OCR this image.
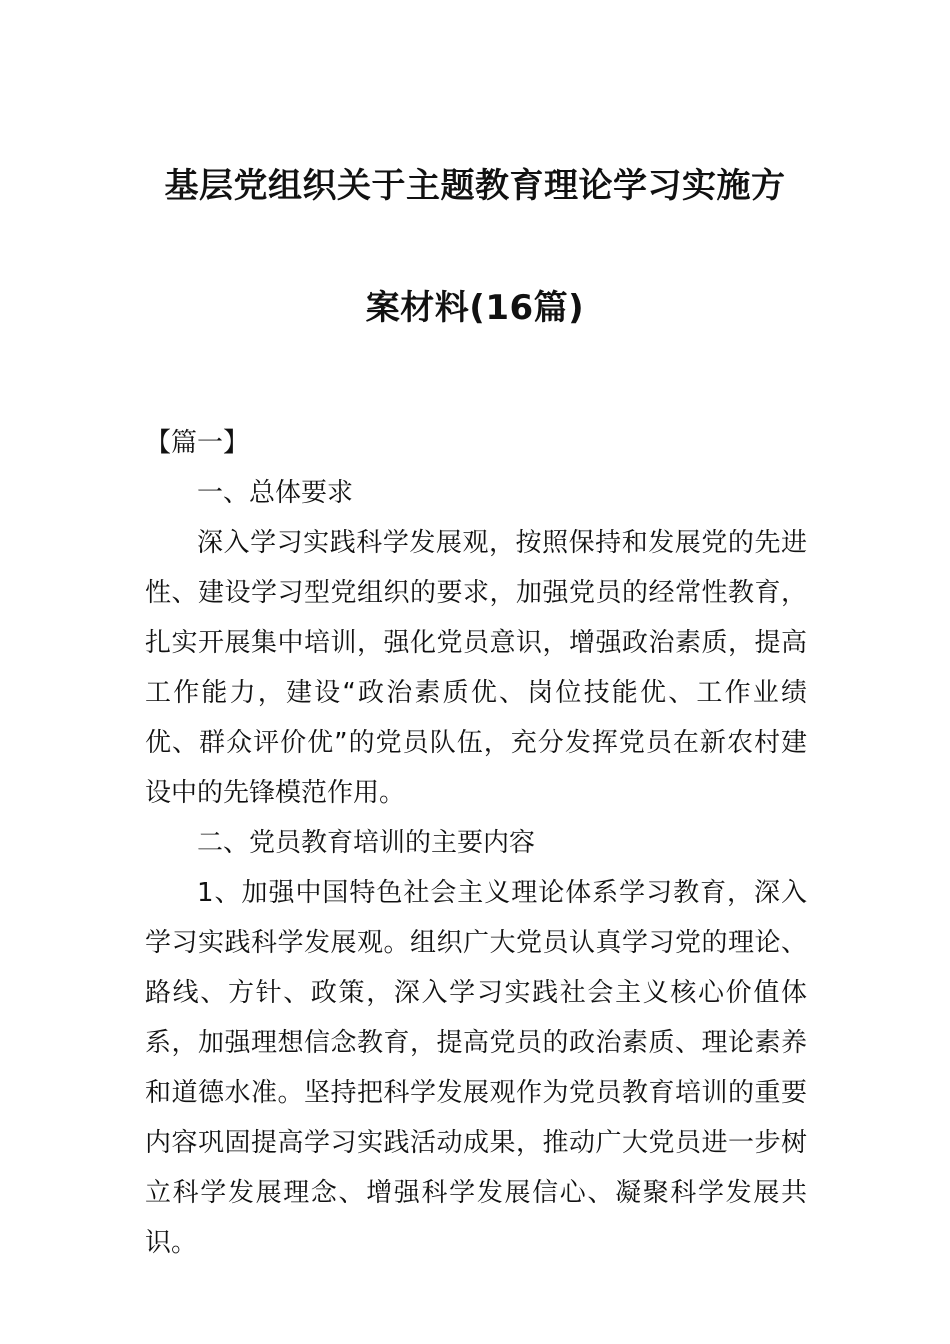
基层党组织关于主题教育理论学习实施方
案材料(16篇)

【篇一】

一、总体要求

深入学习实践科学发展观，按照保持和发展党的先进性、建设学习型党组织的要求，加强党员的经常性教育，扎实开展集中培训，强化党员意识，增强政治素质，提高工作能力，建设“政治素质优、岗位技能优、工作业绩优、群众评价优”的党员队伍，充分发挥党员在新农村建设中的先锋模范作用。

二、党员教育培训的主要内容

1、加强中国特色社会主义理论体系学习教育，深入学习实践科学发展观。组织广大党员认真学习党的理论、路线、方针、政策，深入学习实践社会主义核心价值体系，加强理想信念教育，提高党员的政治素质、理论素养和道德水准。坚持把科学发展观作为党员教育培训的重要内容巩固提高学习实践活动成果，推动广大党员进一步树立科学发展理念、增强科学发展信心、凝聚科学发展共识。
